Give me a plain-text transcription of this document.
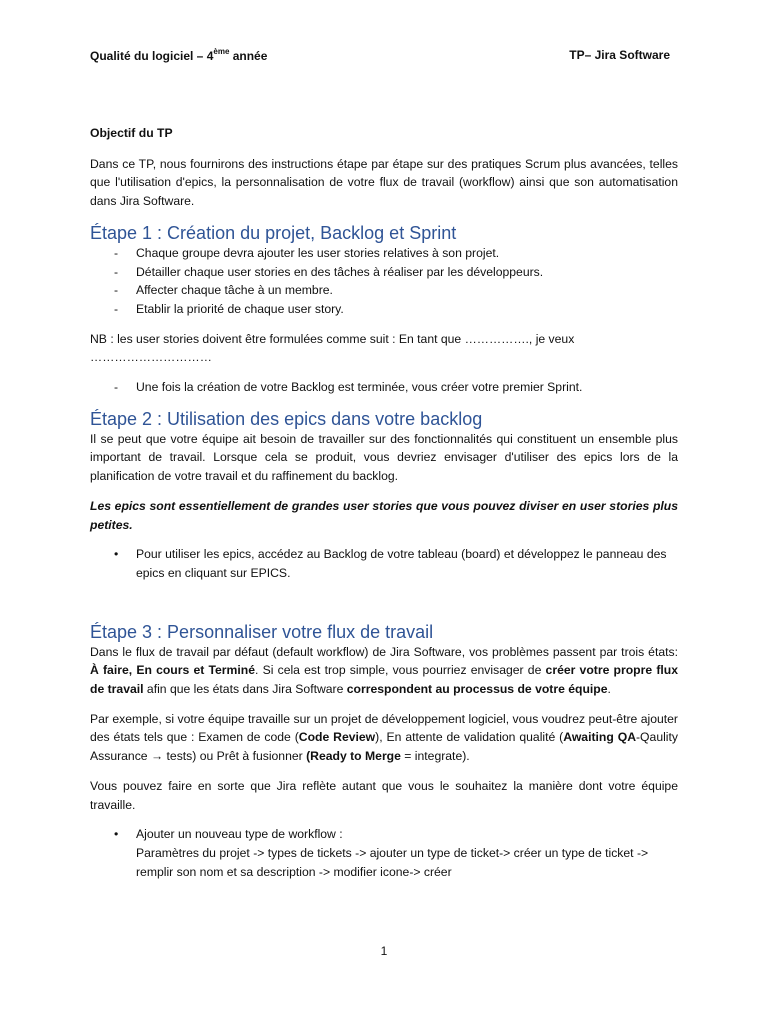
Qualité du logiciel – 4ème année	TP– Jira Software

Objectif du TP

Dans ce TP, nous fournirons des instructions étape par étape sur des pratiques Scrum plus avancées, telles que l'utilisation d'epics, la personnalisation de votre flux de travail (workflow) ainsi que son automatisation dans Jira Software.

Étape 1 : Création du projet, Backlog et Sprint
- Chaque groupe devra ajouter les user stories relatives à son projet.
- Détailler chaque user stories en des tâches à réaliser par les développeurs.
- Affecter chaque tâche à un membre.
- Etablir la priorité de chaque user story.

NB : les user stories doivent être formulées comme suit : En tant que ……………., je veux …………………………

- Une fois la création de votre Backlog est terminée, vous créer votre premier Sprint.
Étape 2 : Utilisation des epics dans votre backlog

Il se peut que votre équipe ait besoin de travailler sur des fonctionnalités qui constituent un ensemble plus important de travail. Lorsque cela se produit, vous devriez envisager d'utiliser des epics lors de la planification de votre travail et du raffinement du backlog.

Les epics sont essentiellement de grandes user stories que vous pouvez diviser en user stories plus petites.

• Pour utiliser les epics, accédez au Backlog de votre tableau (board) et développez le panneau des epics en cliquant sur EPICS.
Étape 3 : Personnaliser votre flux de travail

Dans le flux de travail par défaut (default workflow) de Jira Software, vos problèmes passent par trois états: À faire, En cours et Terminé. Si cela est trop simple, vous pourriez envisager de créer votre propre flux de travail afin que les états dans Jira Software correspondent au processus de votre équipe.

Par exemple, si votre équipe travaille sur un projet de développement logiciel, vous voudrez peut-être ajouter des états tels que : Examen de code (Code Review), En attente de validation qualité (Awaiting QA-Qaulity Assurance → tests) ou Prêt à fusionner (Ready to Merge = integrate).

Vous pouvez faire en sorte que Jira reflète autant que vous le souhaitez la manière dont votre équipe travaille.

• Ajouter un nouveau type de workflow :
Paramètres du projet -> types de tickets -> ajouter un type de ticket-> créer un type de ticket -> remplir son nom et sa description -> modifier icone-> créer
1
